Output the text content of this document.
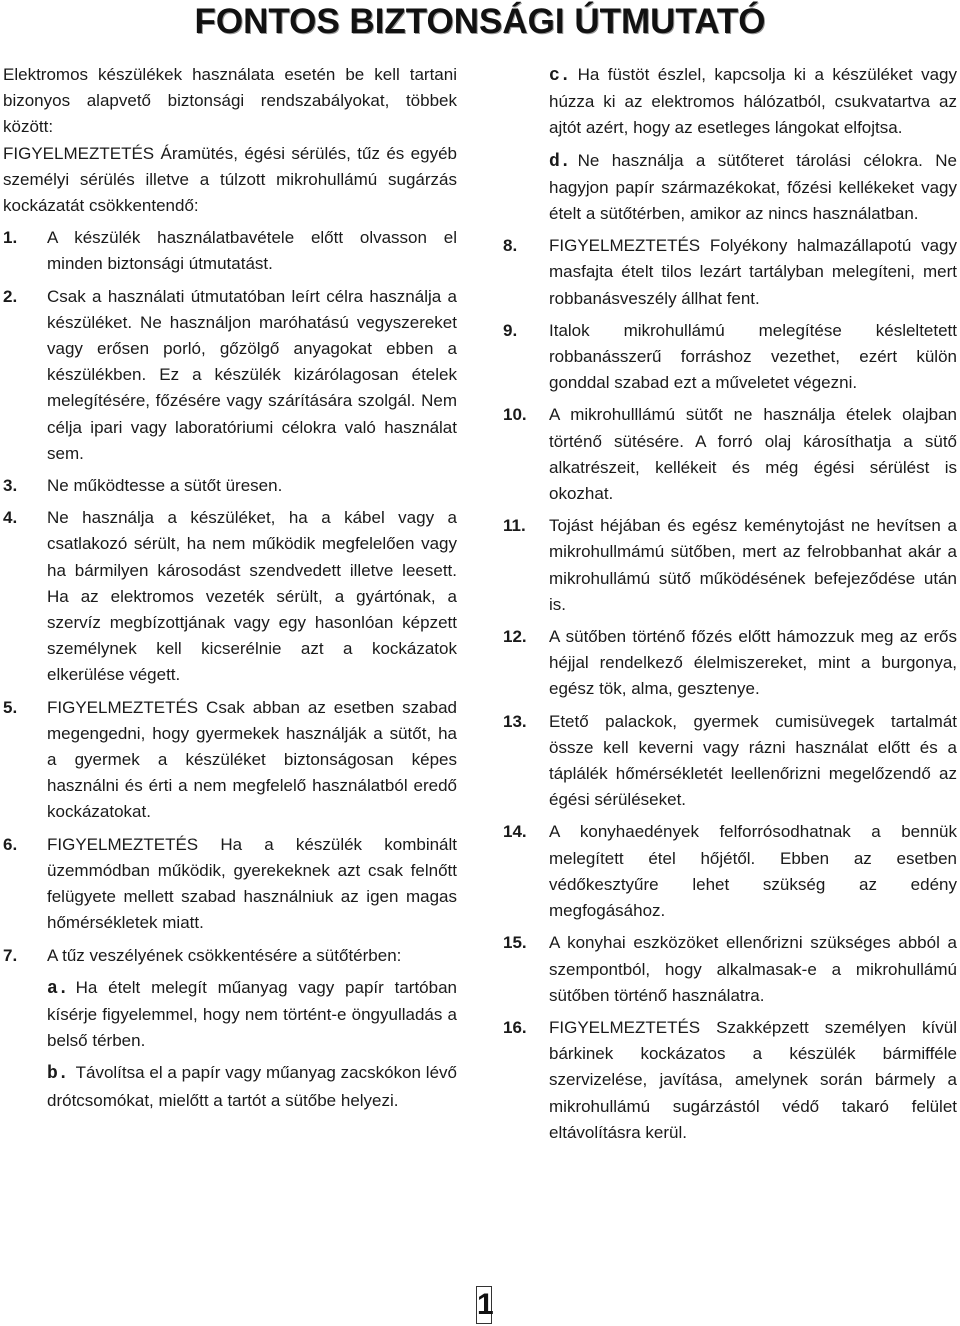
FONTOS BIZTONSÁGI ÚTMUTATÓ

Elektromos készülékek használata esetén be kell tartani bizonyos alapvető biztonsági rendszabályokat, többek között:

FIGYELMEZTETÉS Áramütés, égési sérülés, tűz és egyéb személyi sérülés illetve a túlzott mikrohullámú sugárzás kockázatát csökkentendő:

1.	A készülék használatbavétele előtt olvasson el minden biztonsági útmutatást.
2.	Csak a használati útmutatóban leírt célra használja a készüléket. Ne használjon maróhatású vegyszereket vagy erősen porló, gőzölgő anyagokat ebben a készülékben. Ez a készülék kizárólagosan ételek melegítésére, főzésére vagy szárítására szolgál. Nem célja ipari vagy laboratóriumi célokra való használat sem.
3.	Ne működtesse a sütőt üresen.
4.	Ne használja a készüléket, ha a kábel vagy a csatlakozó sérült, ha nem működik megfelelően vagy ha bármilyen károsodást szendvedett illetve leesett. Ha az elektromos vezeték sérült, a gyártónak, a szervíz megbízottjának vagy egy hasonlóan képzett személynek kell kicserélnie azt a kockázatok elkerülése végett.
5.	FIGYELMEZTETÉS Csak abban az esetben szabad megengedni, hogy gyermekek használják a sütőt, ha a gyermek a készüléket biztonságosan képes használni és érti a nem megfelelő használatból eredő kockázatokat.
6.	FIGYELMEZTETÉS Ha a készülék kombinált üzemmódban működik, gyerekeknek azt csak felnőtt felügyete mellett szabad használniuk az igen magas hőmérsékletek miatt.
7.	A tűz veszélyének csökkentésére a sütőtérben:

a. Ha ételt melegít műanyag vagy papír tartóban kísérje figyelemmel, hogy nem történt-e öngyulladás a belső térben.

b. Távolítsa el a papír vagy műanyag zacskókon lévő drótcsomókat, mielőtt a tartót a sütőbe helyezi.

c. Ha füstöt észlel, kapcsolja ki a készüléket vagy húzza ki az elektromos hálózatból, csukvatartva az ajtót azért, hogy az esetleges lángokat elfojtsa.

d. Ne használja a sütőteret tárolási célokra. Ne hagyjon papír származékokat, főzési kellékeket vagy ételt a sütőtérben, amikor az nincs használatban.

8.	FIGYELMEZTETÉS Folyékony halmazállapotú vagy masfajta ételt tilos lezárt tartályban melegíteni, mert robbanásveszély állhat fent.
9.	Italok mikrohullámú melegítése késleltetett robbanásszerű forráshoz vezethet, ezért külön gonddal szabad ezt a műveletet végezni.
10.	A mikrohulllámú sütőt ne használja ételek olajban történő sütésére. A forró olaj károsíthatja a sütő alkatrészeit, kellékeit és még égési sérülést is okozhat.
11.	Tojást héjában és egész keménytojást ne hevítsen a mikrohullmámú sütőben, mert az felrobbanhat akár a mikrohullámú sütő működésének befejeződése után is.
12.	A sütőben történő főzés előtt hámozzuk meg az erős héjjal rendelkező élelmiszereket, mint a burgonya, egész tök, alma, gesztenye.
13.	Etető palackok, gyermek cumisüvegek tartalmát össze kell keverni vagy rázni használat előtt és a táplálék hőmérsékletét leellenőrizni megelőzendő az égési sérüléseket.
14.	A konyhaedények felforrósodhatnak a bennük melegített étel hőjétől. Ebben az esetben védőkesztyűre lehet szükség az edény megfogásához.
15.	A konyhai eszközöket ellenőrizni szükséges abból a szempontból, hogy alkalmasak-e a mikrohullámú sütőben történő használatra.
16.	FIGYELMEZTETÉS Szakképzett személyen kívül bárkinek kockázatos a készülék bármifféle szervizelése, javítása, amelynek során bármely a mikrohullámú sugárzástól védő takaró felület eltávolításra kerül.
1
